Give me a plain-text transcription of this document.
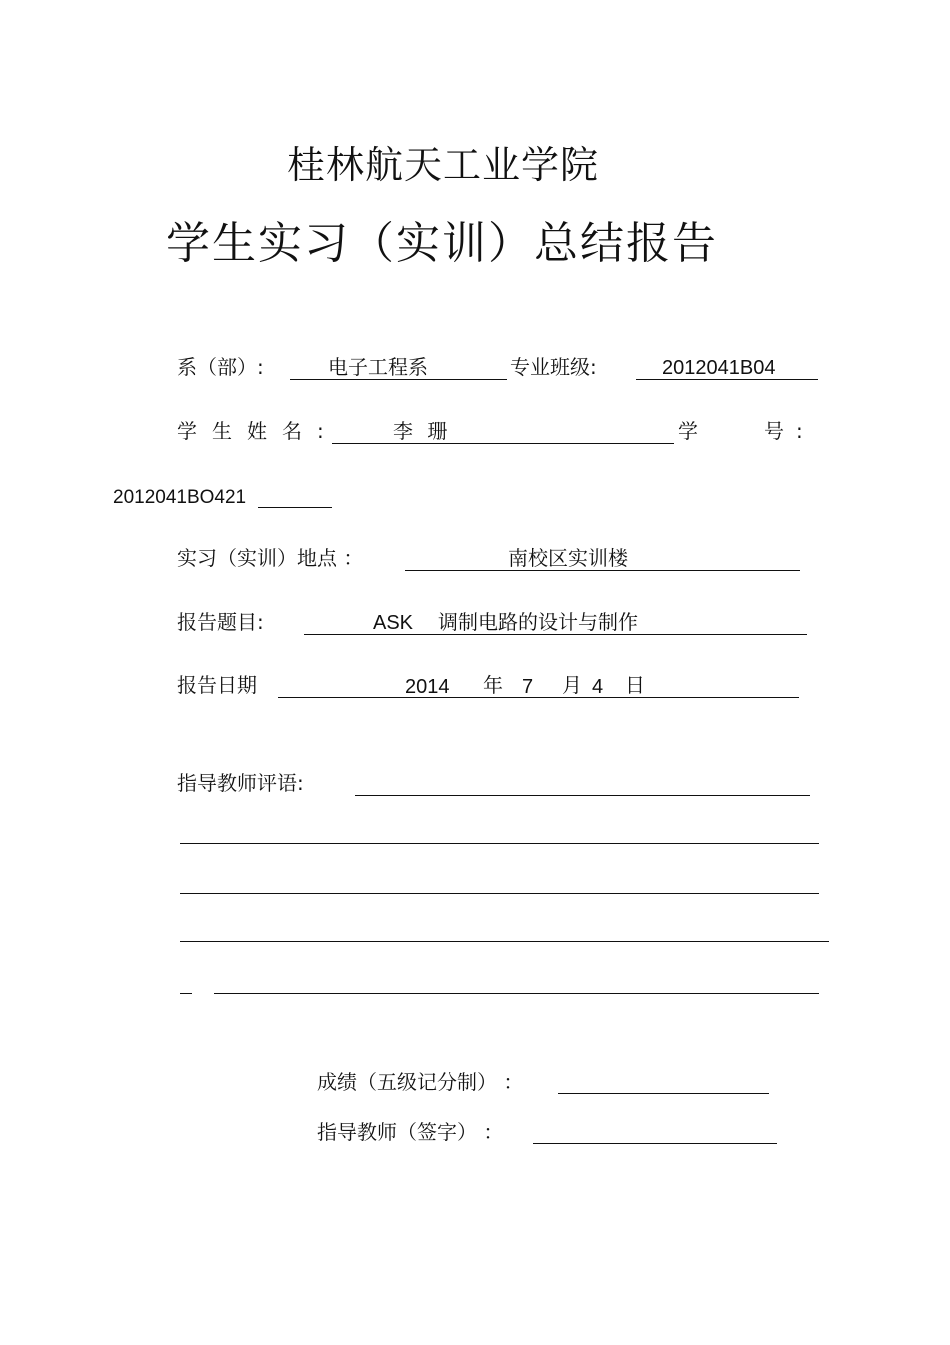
桂林航天工业学院
学生实习（实训）总结报告
系（部）:	电子工程系	专业班级:	2012041B04
学生姓名:	李 珊	学	号:
2012041BO421
实习（实训）地点 ：	南校区实训楼
报告题目:	ASK 调制电路的设计与制作
报告日期	2014 年 7 月 4 日
指导教师评语:
成绩（五级记分制） ：
指导教师（签字） ：
